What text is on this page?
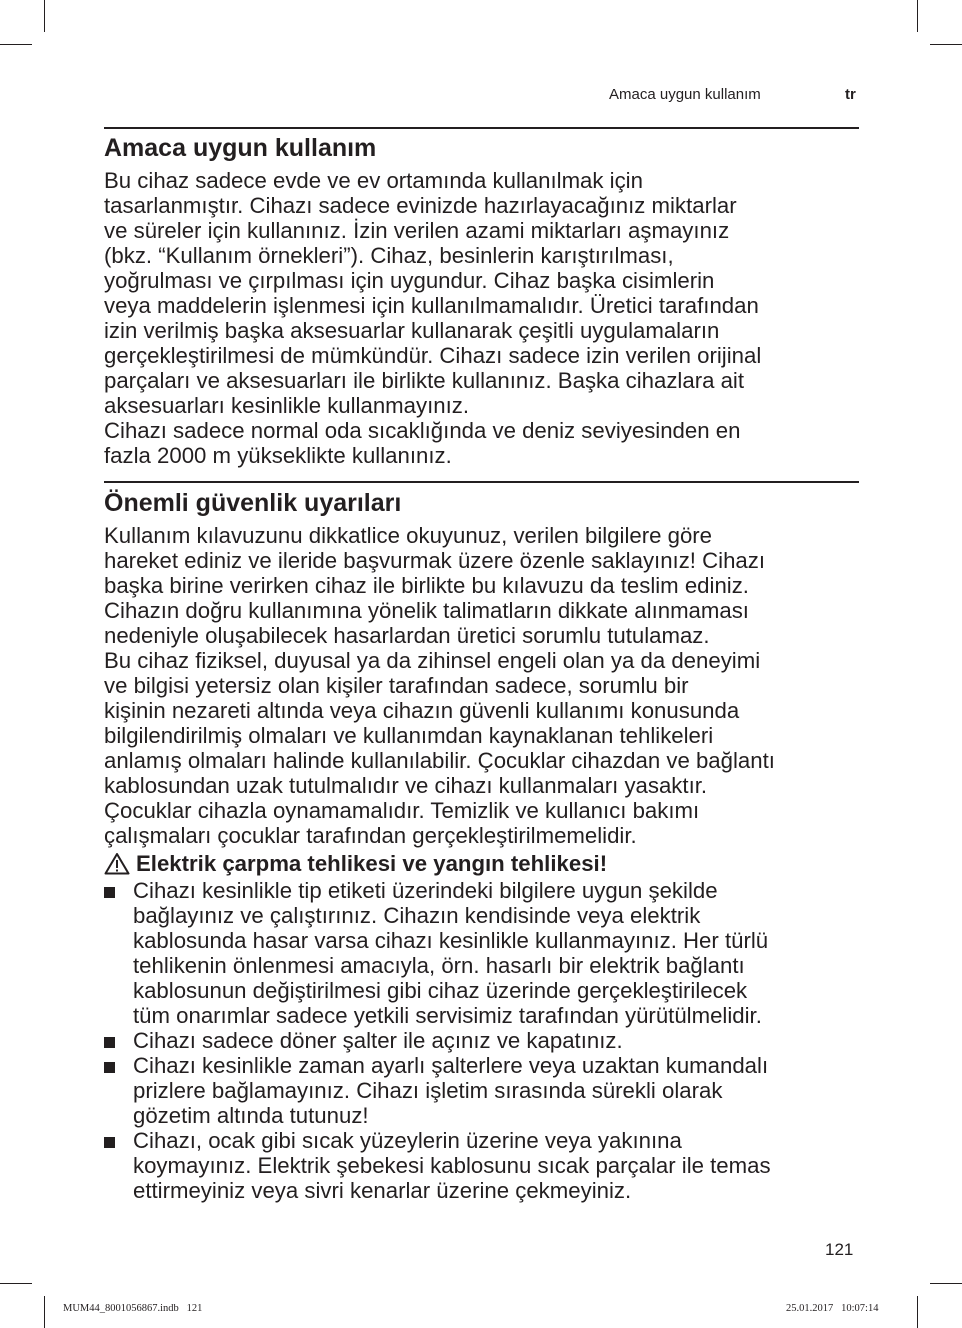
Amaca uygun kullanım	tr
Amaca uygun kullanım

Bu cihaz sadece evde ve ev ortamında kullanılmak için
tasarlanmıştır. Cihazı sadece evinizde hazırlayacağınız miktarlar
ve süreler için kullanınız. İzin verilen azami miktarları aşmayınız
(bkz. “Kullanım örnekleri”). Cihaz, besinlerin karıştırılması,
yoğrulması ve çırpılması için uygundur. Cihaz başka cisimlerin
veya maddelerin işlenmesi için kullanılmamalıdır. Üretici tarafından
izin verilmiş başka aksesuarlar kullanarak çeşitli uygulamaların
gerçekleştirilmesi de mümkündür. Cihazı sadece izin verilen orijinal
parçaları ve aksesuarları ile birlikte kullanınız. Başka cihazlara ait
aksesuarları kesinlikle kullanmayınız.
Cihazı sadece normal oda sıcaklığında ve deniz seviyesinden en
fazla 2000 m yükseklikte kullanınız.

Önemli güvenlik uyarıları

Kullanım kılavuzunu dikkatlice okuyunuz, verilen bilgilere göre
hareket ediniz ve ileride başvurmak üzere özenle saklayınız! Cihazı
başka birine verirken cihaz ile birlikte bu kılavuzu da teslim ediniz.
Cihazın doğru kullanımına yönelik talimatların dikkate alınmaması
nedeniyle oluşabilecek hasarlardan üretici sorumlu tutulamaz.
Bu cihaz fiziksel, duyusal ya da zihinsel engeli olan ya da deneyimi
ve bilgisi yetersiz olan kişiler tarafından sadece, sorumlu bir
kişinin nezareti altında veya cihazın güvenli kullanımı konusunda
bilgilendirilmiş olmaları ve kullanımdan kaynaklanan tehlikeleri
anlamış olmaları halinde kullanılabilir. Çocuklar cihazdan ve bağlantı
kablosundan uzak tutulmalıdır ve cihazı kullanmaları yasaktır.
Çocuklar cihazla oynamamalıdır. Temizlik ve kullanıcı bakımı
çalışmaları çocuklar tarafından gerçekleştirilmemelidir.

Elektrik çarpma tehlikesi ve yangın tehlikesi!
Cihazı kesinlikle tip etiketi üzerindeki bilgilere uygun şekilde
bağlayınız ve çalıştırınız. Cihazın kendisinde veya elektrik
kablosunda hasar varsa cihazı kesinlikle kullanmayınız. Her türlü
tehlikenin önlenmesi amacıyla, örn. hasarlı bir elektrik bağlantı
kablosunun değiştirilmesi gibi cihaz üzerinde gerçekleştirilecek
tüm onarımlar sadece yetkili servisimiz tarafından yürütülmelidir.
Cihazı sadece döner şalter ile açınız ve kapatınız.
Cihazı kesinlikle zaman ayarlı şalterlere veya uzaktan kumandalı
prizlere bağlamayınız. Cihazı işletim sırasında sürekli olarak
gözetim altında tutunuz!
Cihazı, ocak gibi sıcak yüzeylerin üzerine veya yakınına
koymayınız. Elektrik şebekesi kablosunu sıcak parçalar ile temas
ettirmeyiniz veya sivri kenarlar üzerine çekmeyiniz.
121
MUM44_8001056867.indb   121	25.01.2017   10:07:14
